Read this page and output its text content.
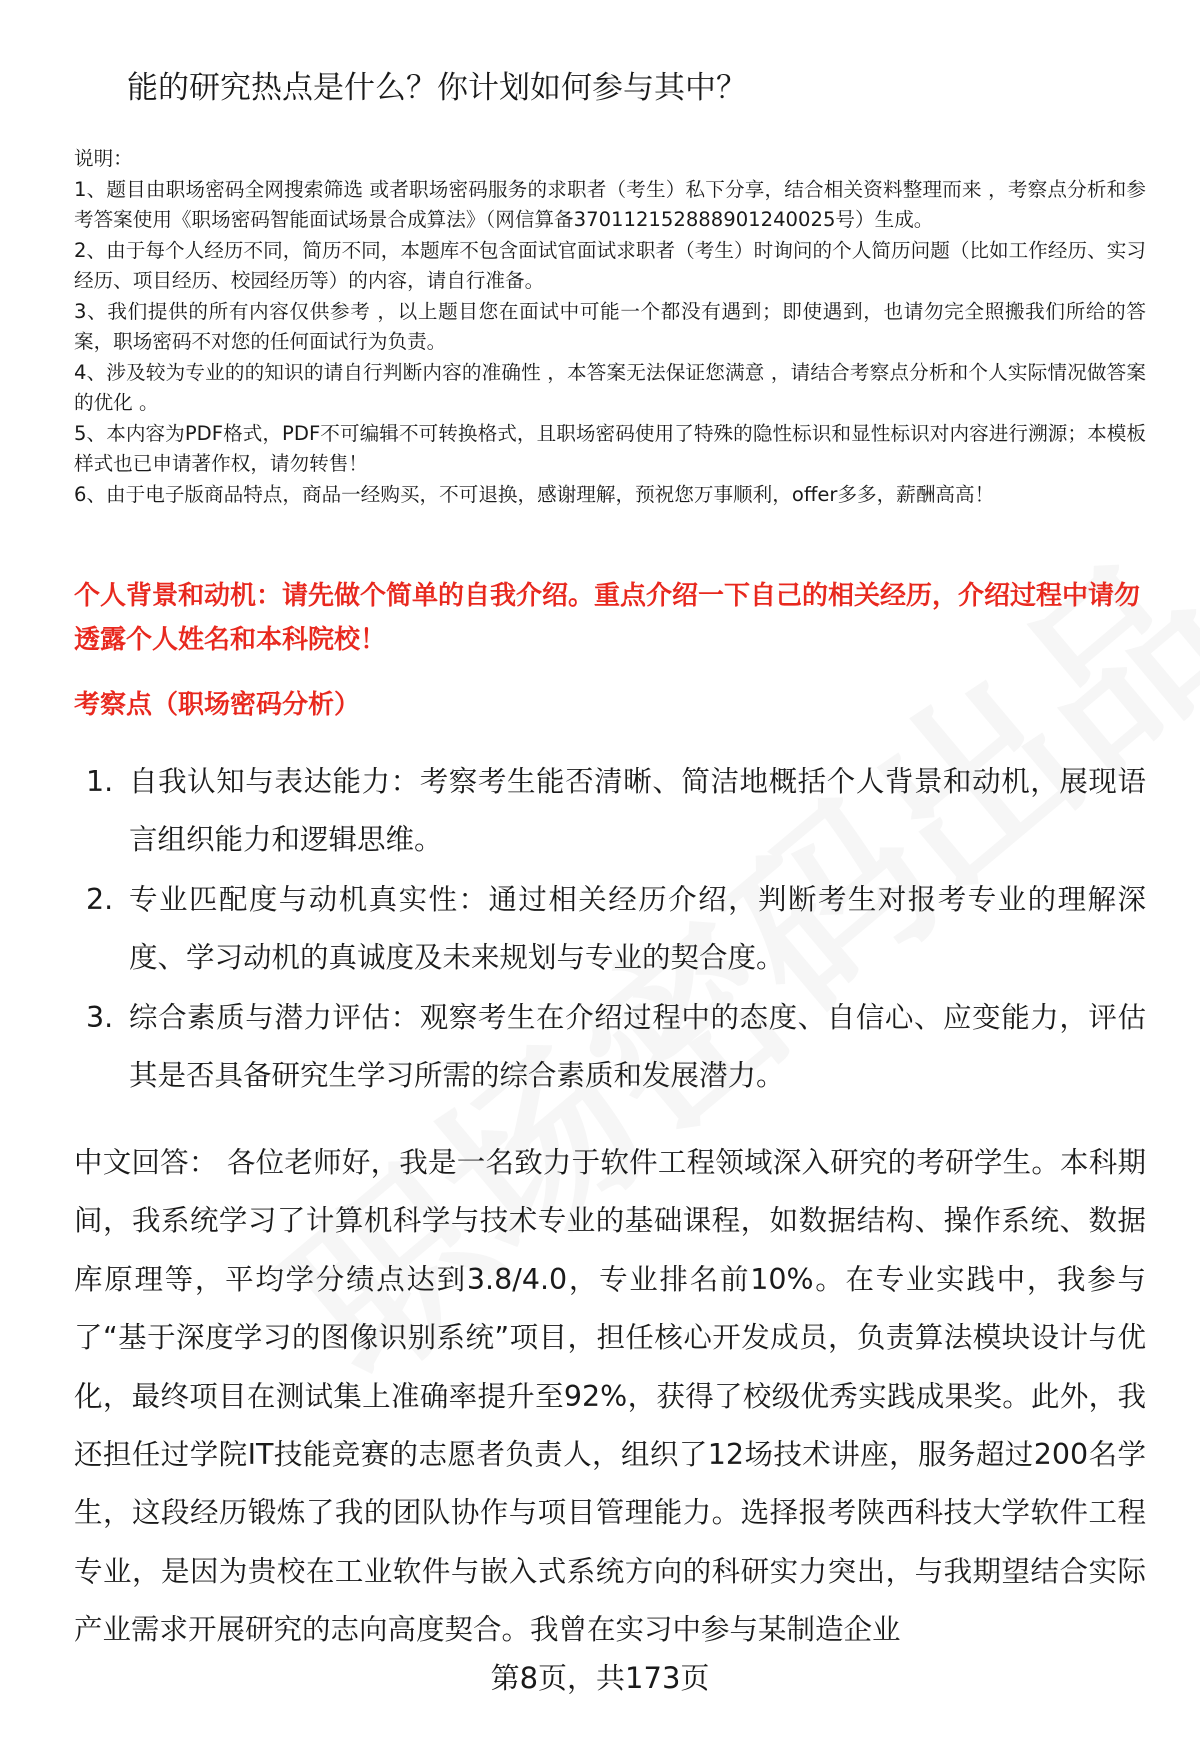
能的研究热点是什么？你计划如何参与其中？

说明：

1、题目由职场密码全网搜索筛选 或者职场密码服务的求职者（考生）私下分享，结合相关资料整理而来 ，考察点分析和参考答案使用《职场密码智能面试场景合成算法》（网信算备370112152888901240025号）生成。

2、由于每个人经历不同，简历不同，本题库不包含面试官面试求职者（考生）时询问的个人简历问题（比如工作经历、实习经历、项目经历、校园经历等）的内容，请自行准备。

3、我们提供的所有内容仅供参考 ，以上题目您在面试中可能一个都没有遇到；即使遇到，也请勿完全照搬我们所给的答案，职场密码不对您的任何面试行为负责。

4、涉及较为专业的的知识的请自行判断内容的准确性 ，本答案无法保证您满意 ，请结合考察点分析和个人实际情况做答案的优化 。

5、本内容为PDF格式，PDF不可编辑不可转换格式，且职场密码使用了特殊的隐性标识和显性标识对内容进行溯源；本模板样式也已申请著作权，请勿转售！

6、由于电子版商品特点，商品一经购买，不可退换，感谢理解，预祝您万事顺利，offer多多，薪酬高高！

个人背景和动机：请先做个简单的自我介绍。重点介绍一下自己的相关经历，介绍过程中请勿透露个人姓名和本科院校！
考察点（职场密码分析）
1. 自我认知与表达能力：考察考生能否清晰、简洁地概括个人背景和动机，展现语言组织能力和逻辑思维。
2. 专业匹配度与动机真实性：通过相关经历介绍，判断考生对报考专业的理解深度、学习动机的真诚度及未来规划与专业的契合度。
3. 综合素质与潜力评估：观察考生在介绍过程中的态度、自信心、应变能力，评估其是否具备研究生学习所需的综合素质和发展潜力。

中文回答： 各位老师好，我是一名致力于软件工程领域深入研究的考研学生。本科期间，我系统学习了计算机科学与技术专业的基础课程，如数据结构、操作系统、数据库原理等，平均学分绩点达到3.8/4.0，专业排名前10%。在专业实践中，我参与了“基于深度学习的图像识别系统”项目，担任核心开发成员，负责算法模块设计与优化，最终项目在测试集上准确率提升至92%，获得了校级优秀实践成果奖。此外，我还担任过学院IT技能竞赛的志愿者负责人，组织了12场技术讲座，服务超过200名学生，这段经历锻炼了我的团队协作与项目管理能力。选择报考陕西科技大学软件工程专业，是因为贵校在工业软件与嵌入式系统方向的科研实力突出，与我期望结合实际产业需求开展研究的志向高度契合。我曾在实习中参与某制造企业

第8页，共173页
